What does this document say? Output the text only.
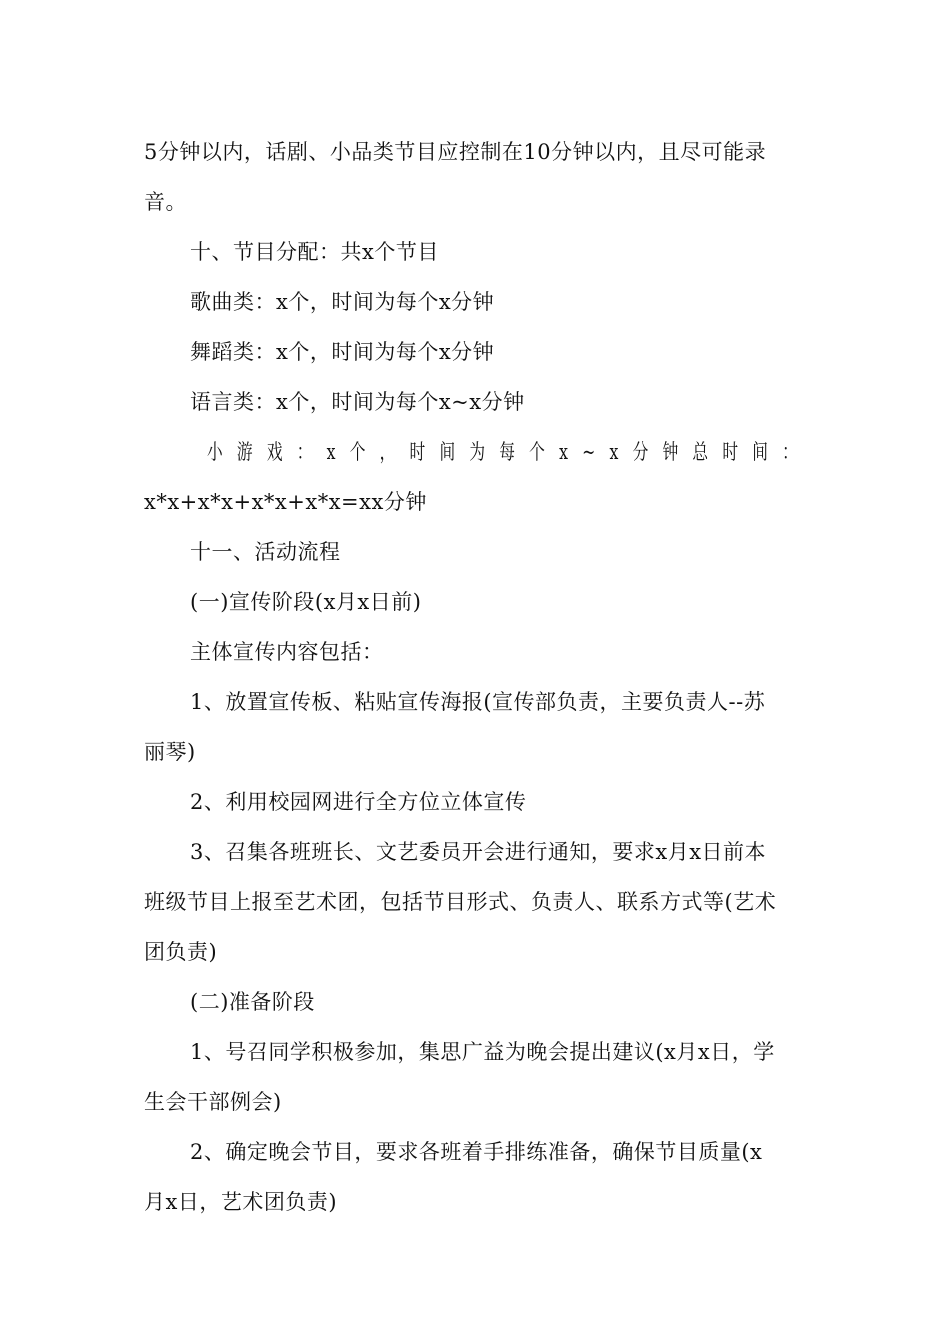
5分钟以内，话剧、小品类节目应控制在10分钟以内，且尽可能录
音。
十、节目分配：共x个节目
歌曲类：x个，时间为每个x分钟
舞蹈类：x个，时间为每个x分钟
语言类：x个，时间为每个x~x分钟
小游戏：x个，时间为每个x~x分钟总时间：
x*x+x*x+x*x+x*x=xx分钟
十一、活动流程
(一)宣传阶段(x月x日前)
主体宣传内容包括：
1、放置宣传板、粘贴宣传海报(宣传部负责，主要负责人--苏
丽琴)
2、利用校园网进行全方位立体宣传
3、召集各班班长、文艺委员开会进行通知，要求x月x日前本
班级节目上报至艺术团，包括节目形式、负责人、联系方式等(艺术
团负责)
(二)准备阶段
1、号召同学积极参加，集思广益为晚会提出建议(x月x日，学
生会干部例会)
2、确定晚会节目，要求各班着手排练准备，确保节目质量(x
月x日，艺术团负责)
